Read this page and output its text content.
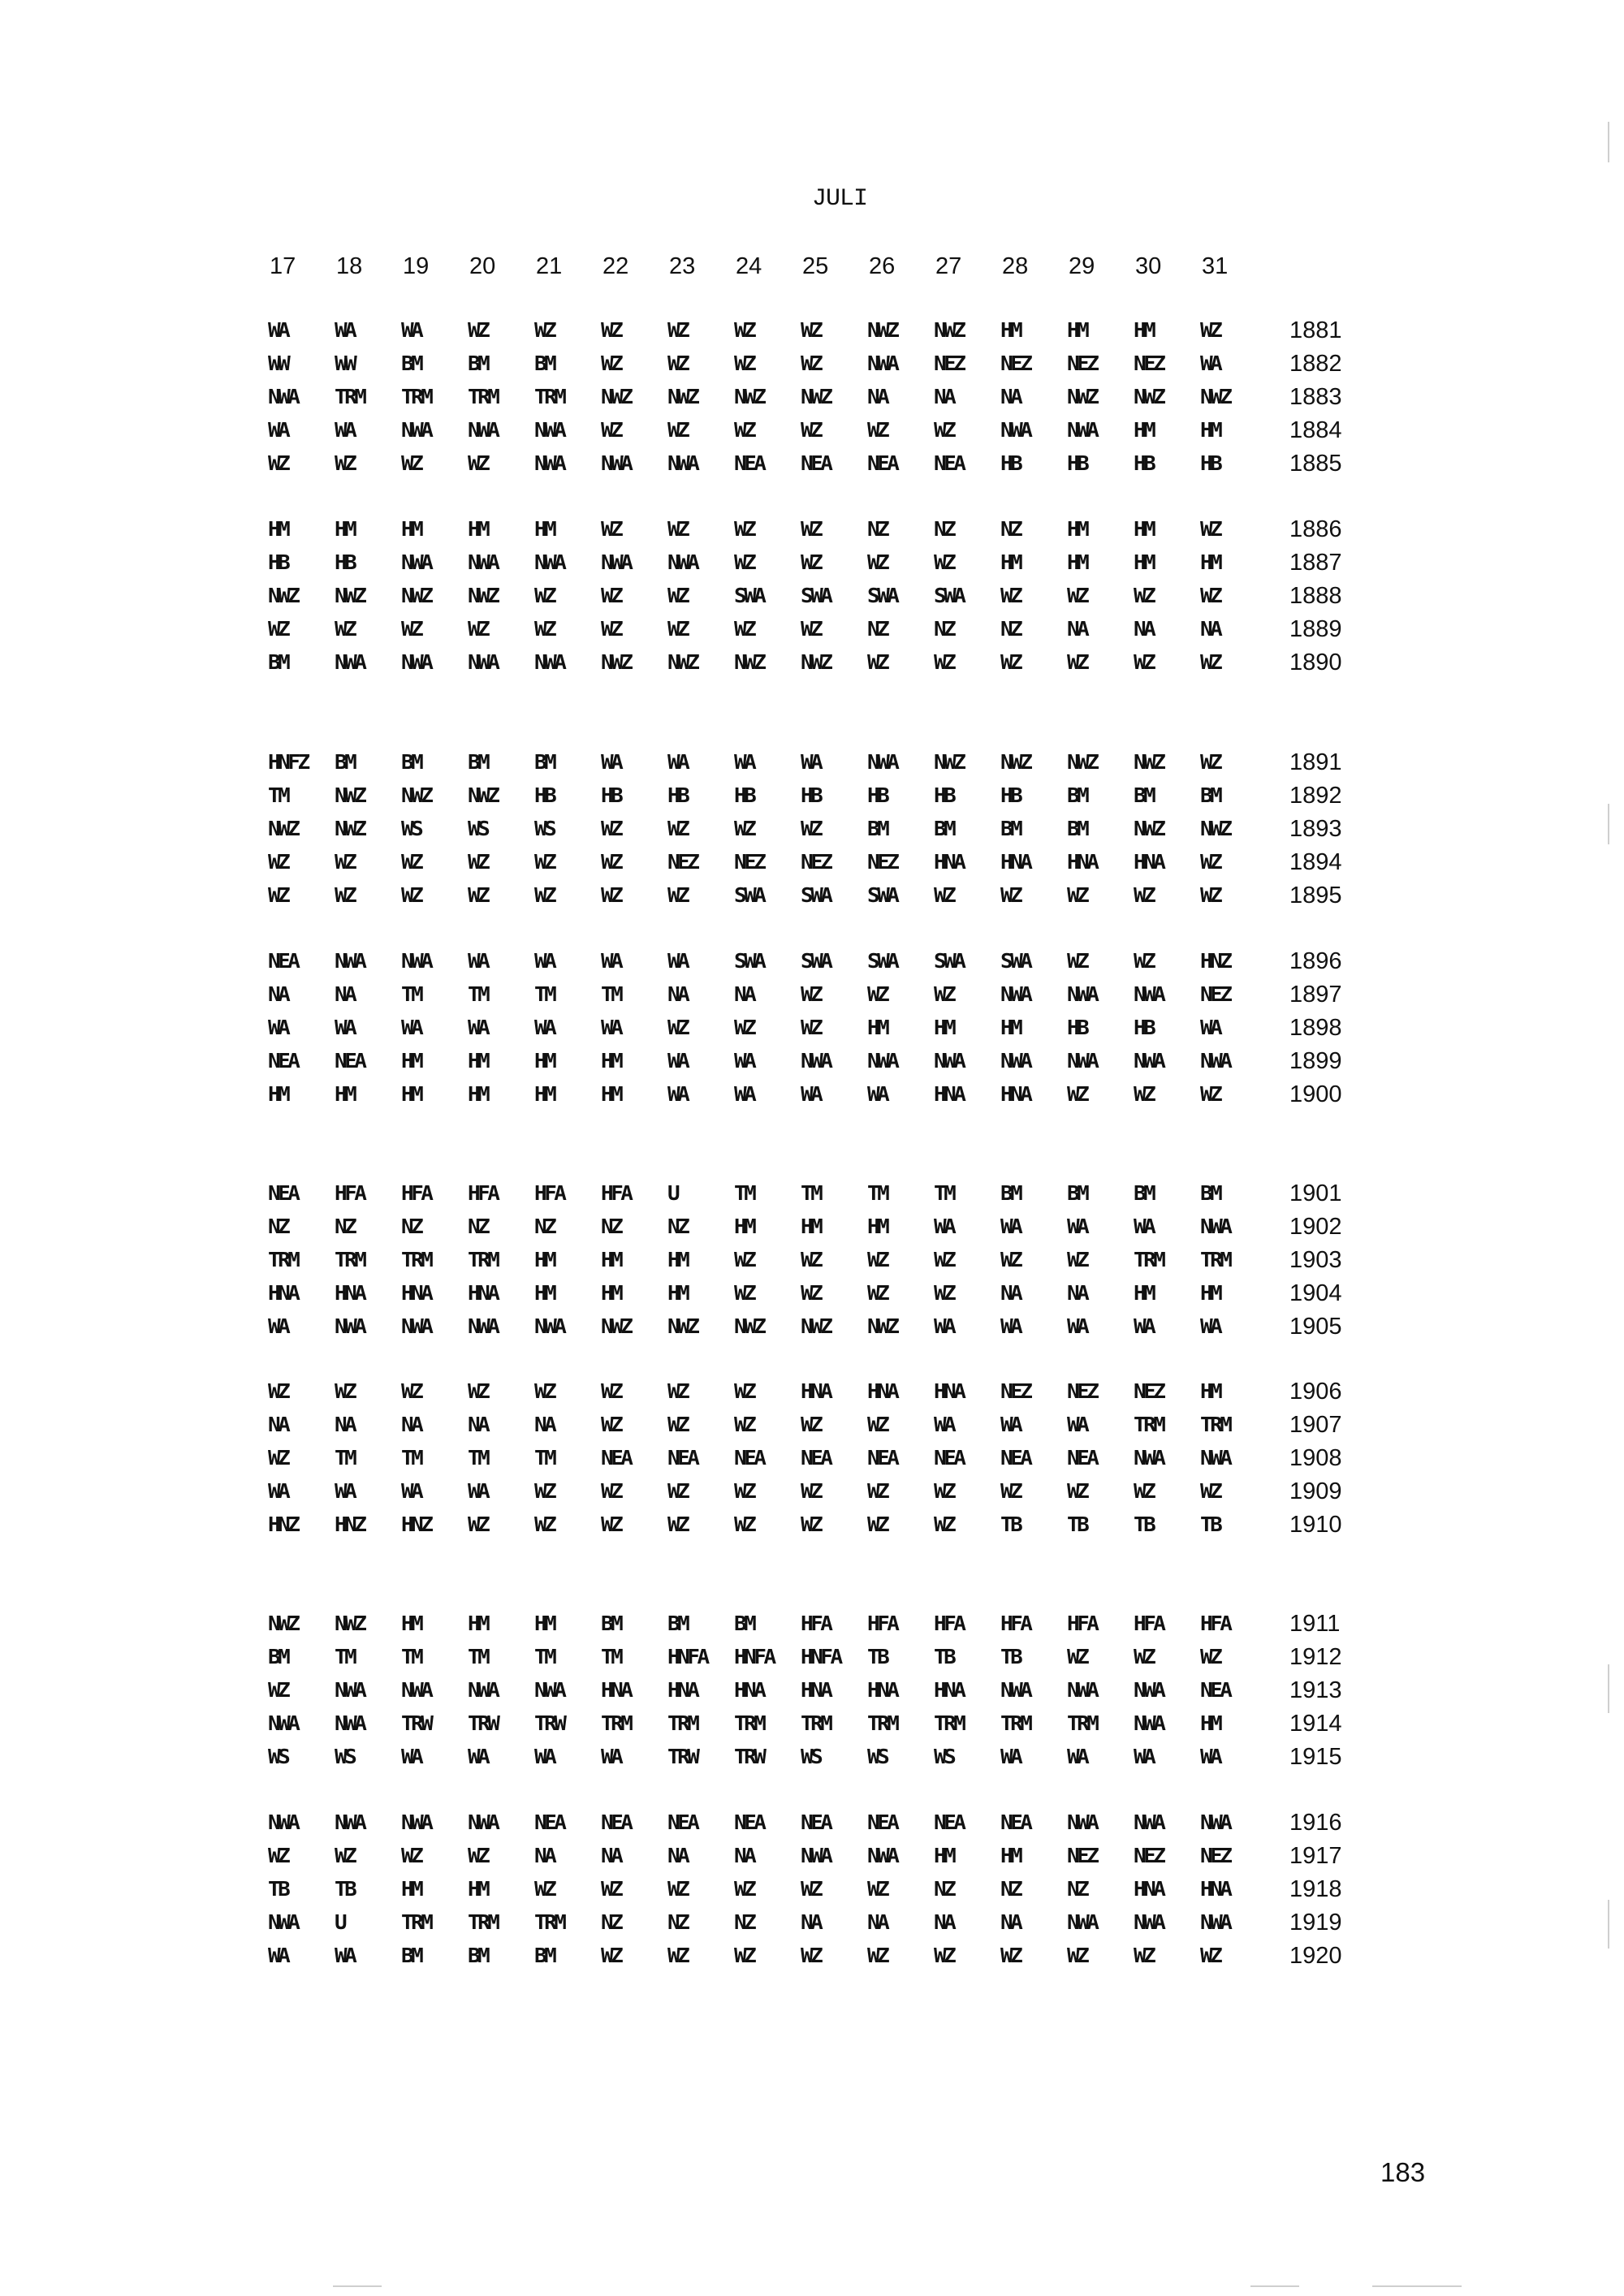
JULI
17 18 19 20 21 22 23 24 25 26 27 28 29 30 31
WA WA WA WZ WZ WZ WZ WZ WZ NWZ NWZ HM HM HM WZ	1881
WW WW BM BM BM WZ WZ WZ WZ NWA NEZ NEZ NEZ NEZ WA	1882
NWA TRM TRM TRM TRM NWZ NWZ NWZ NWZ NA NA NA NWZ NWZ NWZ	1883
WA WA NWA NWA NWA WZ WZ WZ WZ WZ WZ NWA NWA HM HM	1884
WZ WZ WZ WZ NWA NWA NWA NEA NEA NEA NEA HB HB HB HB	1885
HM HM HM HM HM WZ WZ WZ WZ NZ NZ NZ HM HM WZ	1886
HB HB NWA NWA NWA NWA NWA WZ WZ WZ WZ HM HM HM HM	1887
NWZ NWZ NWZ NWZ WZ WZ WZ SWA SWA SWA SWA WZ WZ WZ WZ	1888
WZ WZ WZ WZ WZ WZ WZ WZ WZ NZ NZ NZ NA NA NA	1889
BM NWA NWA NWA NWA NWZ NWZ NWZ NWZ WZ WZ WZ WZ WZ WZ	1890
HNFZ BM BM BM BM WA WA WA WA NWA NWZ NWZ NWZ NWZ WZ	1891
TM NWZ NWZ NWZ HB HB HB HB HB HB HB HB BM BM BM	1892
NWZ NWZ WS WS WS WZ WZ WZ WZ BM BM BM BM NWZ NWZ	1893
WZ WZ WZ WZ WZ WZ NEZ NEZ NEZ NEZ HNA HNA HNA HNA WZ	1894
WZ WZ WZ WZ WZ WZ WZ SWA SWA SWA WZ WZ WZ WZ WZ	1895
NEA NWA NWA WA WA WA WA SWA SWA SWA SWA SWA WZ WZ HNZ	1896
NA NA TM TM TM TM NA NA WZ WZ WZ NWA NWA NWA NEZ	1897
WA WA WA WA WA WA WZ WZ WZ HM HM HM HB HB WA	1898
NEA NEA HM HM HM HM WA WA NWA NWA NWA NWA NWA NWA NWA	1899
HM HM HM HM HM HM WA WA WA WA HNA HNA WZ WZ WZ	1900
NEA HFA HFA HFA HFA HFA U	TM TM TM TM BM BM BM BM	1901
NZ NZ NZ NZ NZ NZ NZ HM HM HM WA WA WA WA NWA	1902
TRM TRM TRM TRM HM HM HM WZ WZ WZ WZ WZ WZ TRM TRM	1903
HNA HNA HNA HNA HM HM HM WZ WZ WZ WZ NA NA HM HM	1904
WA NWA NWA NWA NWA NWZ NWZ NWZ NWZ NWZ WA WA WA WA WA	1905
WZ WZ WZ WZ WZ WZ WZ WZ HNA HNA HNA NEZ NEZ NEZ HM	1906
NA NA NA NA NA WZ WZ WZ WZ WZ WA WA WA TRM TRM	1907
WZ TM TM TM TM NEA NEA NEA NEA NEA NEA NEA NEA NWA NWA	1908
WA WA WA WA WZ WZ WZ WZ WZ WZ WZ WZ WZ WZ WZ	1909
HNZ HNZ HNZ WZ WZ WZ WZ WZ WZ WZ WZ TB TB TB TB	1910
NWZ NWZ HM HM HM BM BM BM HFA HFA HFA HFA HFA HFA HFA	1911
BM TM TM TM TM TM HNFA HNFA HNFA TB TB TB WZ WZ WZ	1912
WZ NWA NWA NWA NWA HNA HNA HNA HNA HNA HNA NWA NWA NWA NEA	1913
NWA NWA TRW TRW TRW TRM TRM TRM TRM TRM TRM TRM TRM NWA HM	1914
WS WS WA WA WA WA TRW TRW WS WS WS WA WA WA WA	1915
NWA NWA NWA NWA NEA NEA NEA NEA NEA NEA NEA NEA NWA NWA NWA	1916
WZ WZ WZ WZ NA NA NA NA NWA NWA HM HM NEZ NEZ NEZ	1917
TB TB HM HM WZ WZ WZ WZ WZ WZ NZ NZ NZ HNA HNA	1918
NWA U	TRM TRM TRM NZ NZ NZ NA NA NA NA NWA NWA NWA	1919
WA WA BM BM BM WZ WZ WZ WZ WZ WZ WZ WZ WZ WZ	1920
183
